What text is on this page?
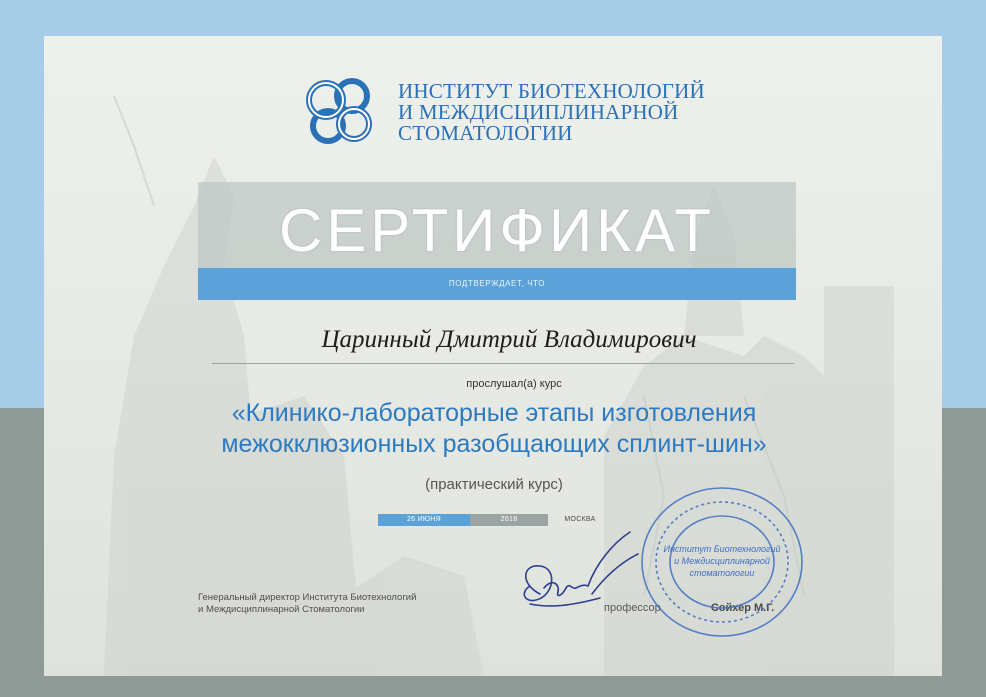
ИНСТИТУТ БИОТЕХНОЛОГИЙ
И МЕЖДИСЦИПЛИНАРНОЙ
СТОМАТОЛОГИИ
СЕРТИФИКАТ
ПОДТВЕРЖДАЕТ, ЧТО
Царинный Дмитрий Владимирович
прослушал(а) курс
«Клинико-лабораторные этапы изготовления
межокклюзионных разобщающих сплинт-шин»
(практический курс)
26 ИЮНЯ	2018	МОСКВА
Генеральный директор Института Биотехнологий
и Междисциплинарной Стоматологии	профессор	Сойхер М.Г.
Институт Биотехнологий
и Междисциплинарной
стоматологии
